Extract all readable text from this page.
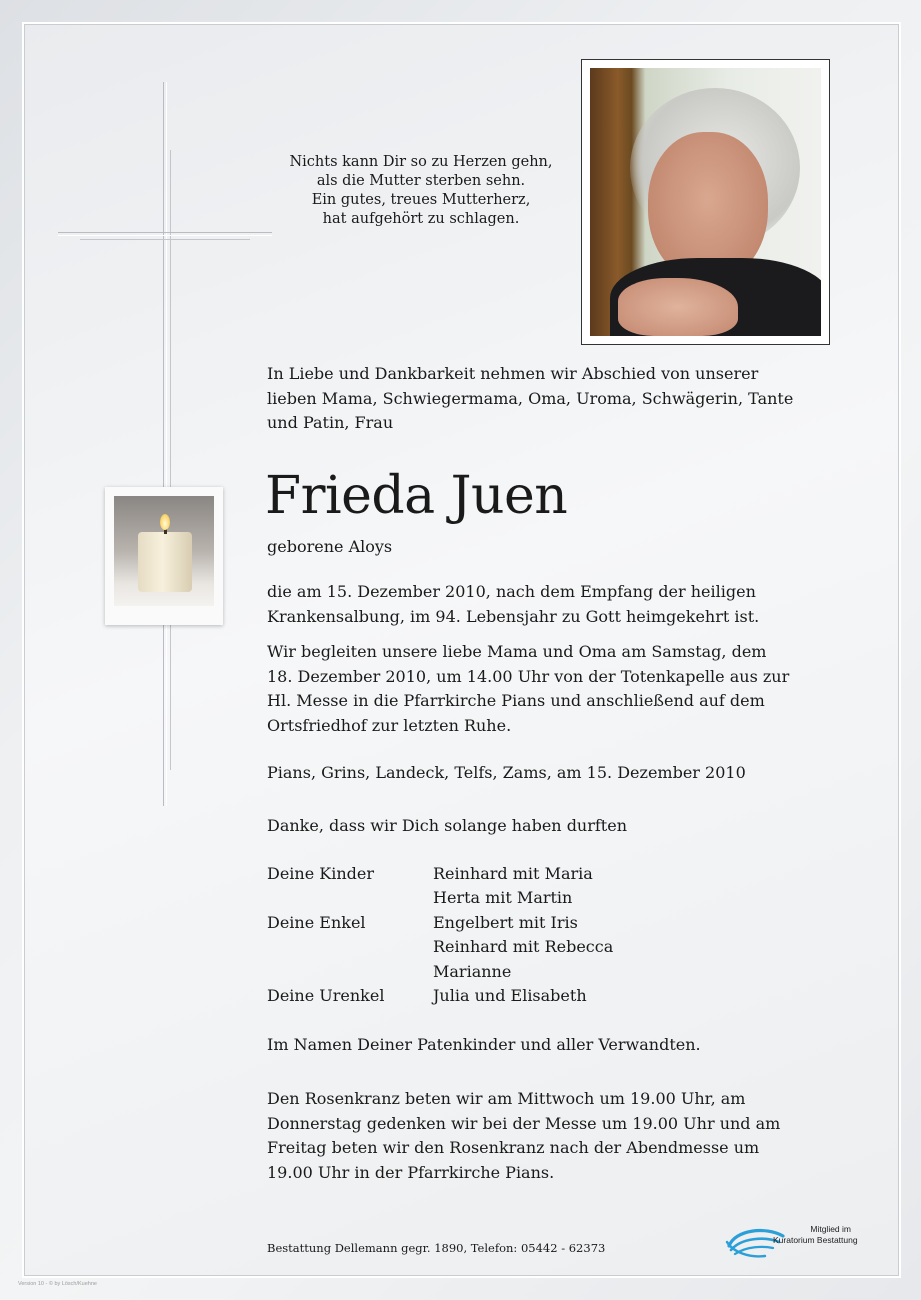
Nichts kann Dir so zu Herzen gehn,
als die Mutter sterben sehn.
Ein gutes, treues Mutterherz,
hat aufgehört zu schlagen.
In Liebe und Dankbarkeit nehmen wir Abschied von unserer
lieben Mama, Schwiegermama, Oma, Uroma, Schwägerin, Tante
und Patin, Frau
Frieda Juen
geborene Aloys
die am 15. Dezember 2010, nach dem Empfang der heiligen
Krankensalbung, im 94. Lebensjahr zu Gott heimgekehrt ist.
Wir begleiten unsere liebe Mama und Oma am Samstag, dem
18. Dezember 2010, um 14.00 Uhr von der Totenkapelle aus zur
Hl. Messe in die Pfarrkirche Pians und anschließend auf dem
Ortsfriedhof zur letzten Ruhe.
Pians, Grins, Landeck, Telfs, Zams, am 15. Dezember 2010
Danke, dass wir Dich solange haben durften
Deine Kinder	Reinhard mit Maria
Herta mit Martin
Deine Enkel	Engelbert mit Iris
Reinhard mit Rebecca
Marianne
Deine Urenkel	Julia und Elisabeth
Im Namen Deiner Patenkinder und aller Verwandten.
Den Rosenkranz beten wir am Mittwoch um 19.00 Uhr, am
Donnerstag gedenken wir bei der Messe um 19.00 Uhr und am
Freitag beten wir den Rosenkranz nach der Abendmesse um
19.00 Uhr in der Pfarrkirche Pians.
Bestattung Dellemann gegr. 1890, Telefon: 05442 - 62373
Mitglied im
Kuratorium Bestattung
Version 10 - © by Lösch/Kuehne
